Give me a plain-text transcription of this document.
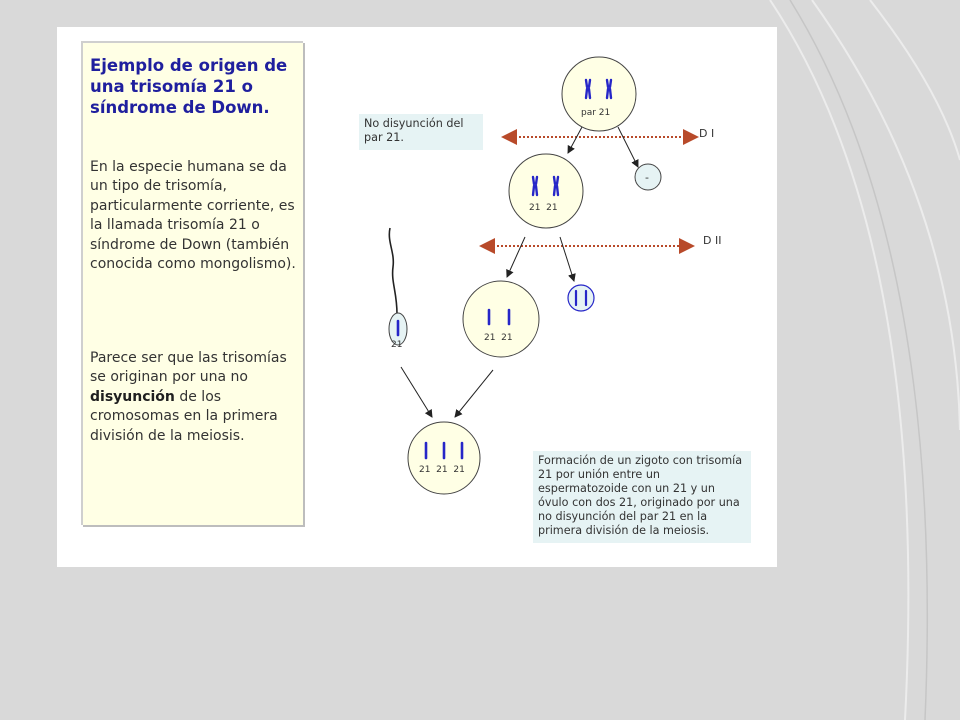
Ejemplo de origen de una trisomía 21 o síndrome de Down.
En la especie humana se da un tipo de trisomía, particularmente corriente, es la llamada trisomía 21 o síndrome de Down (también conocida como mongolismo).
Parece ser que las trisomías se originan por una no disyunción de los cromosomas en la primera división de la meiosis.
D I
D II
par 21
-
21  21
21
21  21
21  21  21
No disyunción del par 21.
Formación de un zigoto con trisomía 21 por unión entre un espermatozoide con un 21 y un óvulo con dos 21, originado por una no disyunción del par 21 en la primera división de la meiosis.
